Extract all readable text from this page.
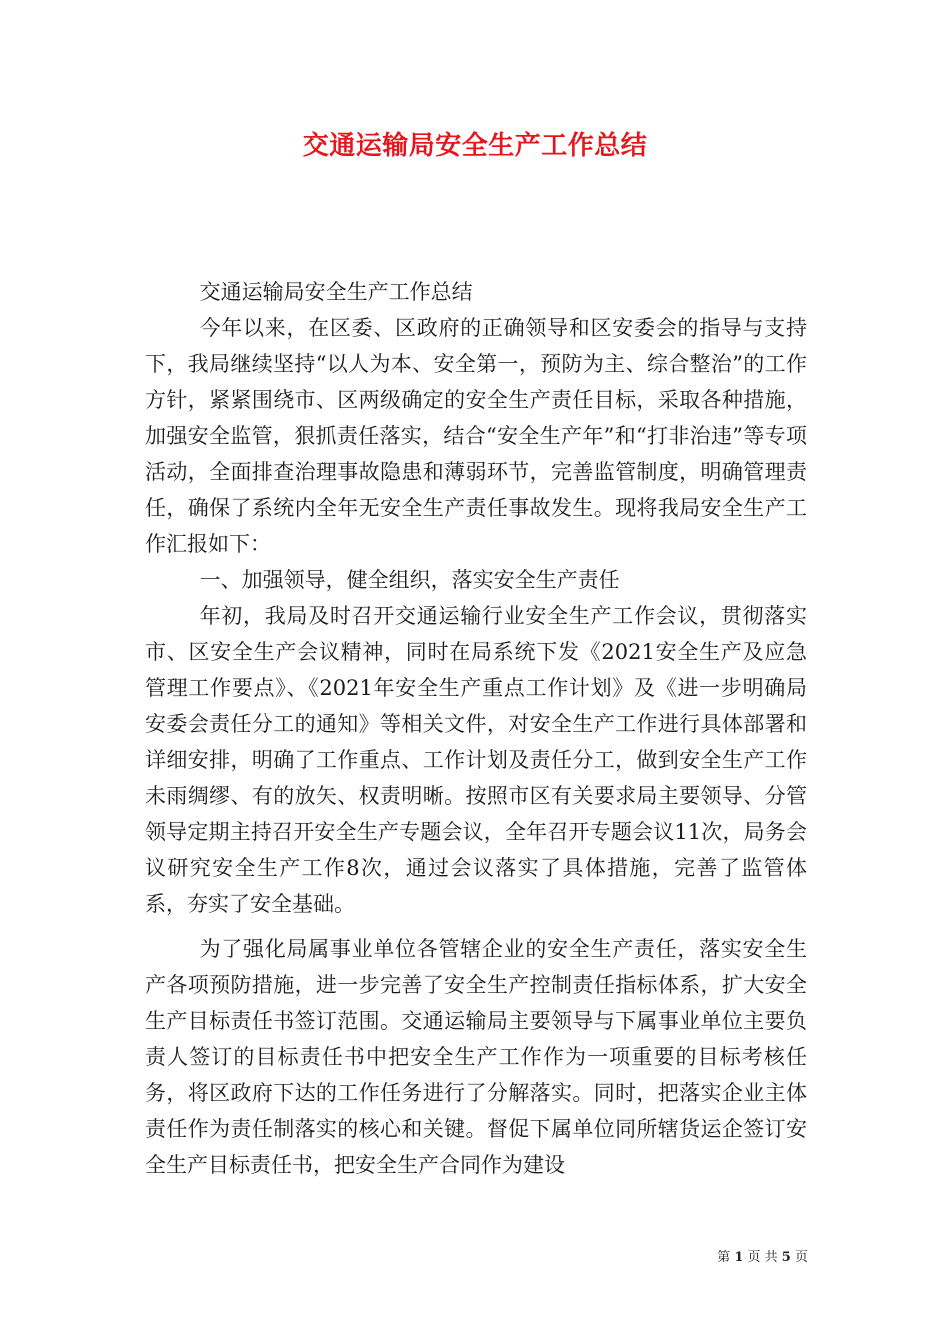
交通运输局安全生产工作总结

交通运输局安全生产工作总结

今年以来，在区委、区政府的正确领导和区安委会的指导与支持下，我局继续坚持“以人为本、安全第一，预防为主、综合整治”的工作方针，紧紧围绕市、区两级确定的安全生产责任目标，采取各种措施，加强安全监管，狠抓责任落实，结合“安全生产年”和“打非治违”等专项活动，全面排查治理事故隐患和薄弱环节，完善监管制度，明确管理责任，确保了系统内全年无安全生产责任事故发生。现将我局安全生产工作汇报如下：

一、加强领导，健全组织，落实安全生产责任

年初，我局及时召开交通运输行业安全生产工作会议，贯彻落实市、区安全生产会议精神，同时在局系统下发《2021安全生产及应急管理工作要点》、《2021年安全生产重点工作计划》及《进一步明确局安委会责任分工的通知》等相关文件，对安全生产工作进行具体部署和详细安排，明确了工作重点、工作计划及责任分工，做到安全生产工作未雨绸缪、有的放矢、权责明晰。按照市区有关要求局主要领导、分管领导定期主持召开安全生产专题会议，全年召开专题会议11次，局务会议研究安全生产工作8次，通过会议落实了具体措施，完善了监管体系，夯实了安全基础。

为了强化局属事业单位各管辖企业的安全生产责任，落实安全生产各项预防措施，进一步完善了安全生产控制责任指标体系，扩大安全生产目标责任书签订范围。交通运输局主要领导与下属事业单位主要负责人签订的目标责任书中把安全生产工作作为一项重要的目标考核任务，将区政府下达的工作任务进行了分解落实。同时，把落实企业主体责任作为责任制落实的核心和关键。督促下属单位同所辖货运企签订安全生产目标责任书，把安全生产合同作为建设

第 1 页 共 5 页
